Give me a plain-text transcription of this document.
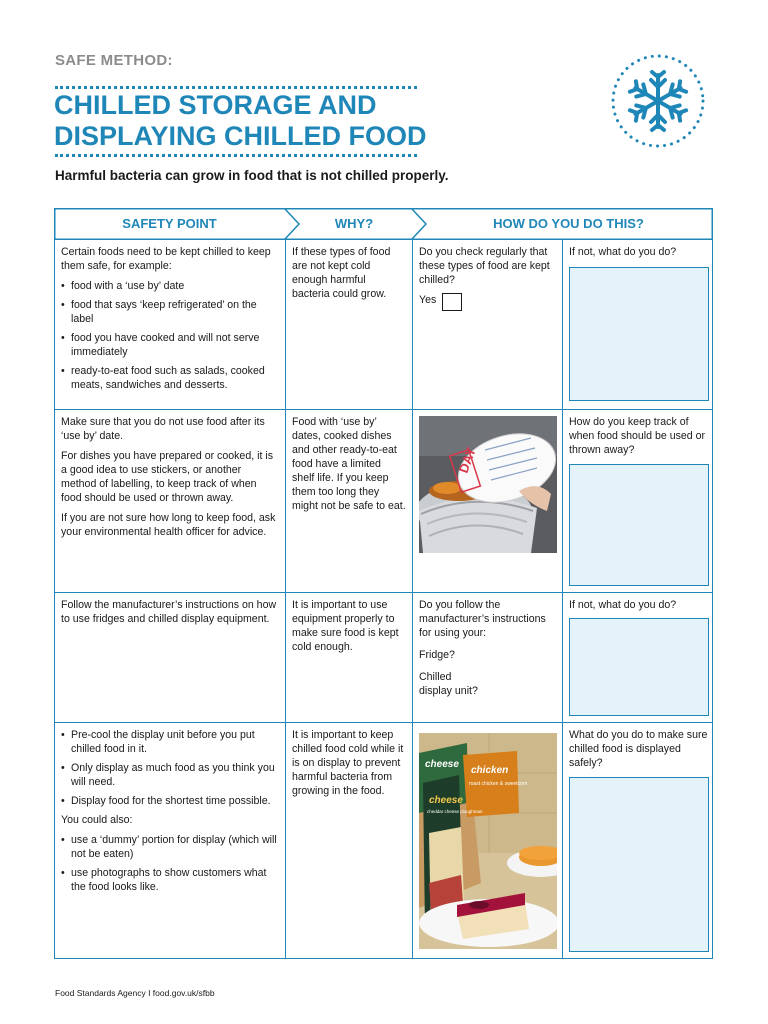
SAFE METHOD:
CHILLED STORAGE AND
DISPLAYING CHILLED FOOD
Harmful bacteria can grow in food that is not chilled properly.
SAFETY POINT	WHY?	HOW DO YOU DO THIS?

Certain foods need to be kept chilled to keep them safe, for example:

• food with a ‘use by’ date
• food that says ‘keep refrigerated’ on the label
• food you have cooked and will not serve immediately
• ready-to-eat food such as salads, cooked meats, sandwiches and desserts.

If these types of food are not kept cold enough harmful bacteria could grow.

Do you check regularly that these types of food are kept chilled?

Yes

If not, what do you do?

Make sure that you do not use food after its ‘use by’ date.

For dishes you have prepared or cooked, it is a good idea to use stickers, or another method of labelling, to keep track of when food should be used or thrown away.

If you are not sure how long to keep food, ask your environmental health officer for advice.

Food with ‘use by’ dates, cooked dishes and other ready-to-eat food have a limited shelf life. If you keep them too long they might not be safe to eat.

DAY

How do you keep track of when food should be used or thrown away?

Follow the manufacturer’s instructions on how to use fridges and chilled display equipment.

It is important to use equipment properly to make sure food is kept cold enough.

Do you follow the manufacturer’s instructions for using your:

Fridge?

Chilled display unit?

If not, what do you do?

• Pre-cool the display unit before you put chilled food in it.
• Only display as much food as you think you will need.
• Display food for the shortest time possible.

You could also:

• use a ‘dummy’ portion for display (which will not be eaten)
• use photographs to show customers what the food looks like.

It is important to keep chilled food cold while it is on display to prevent harmful bacteria from growing in the food.

cheese
chicken
roast chicken & sweetcorn
cheese
cheddar cheese ploughman

What do you do to make sure chilled food is displayed safely?

Food Standards Agency I food.gov.uk/sfbb
